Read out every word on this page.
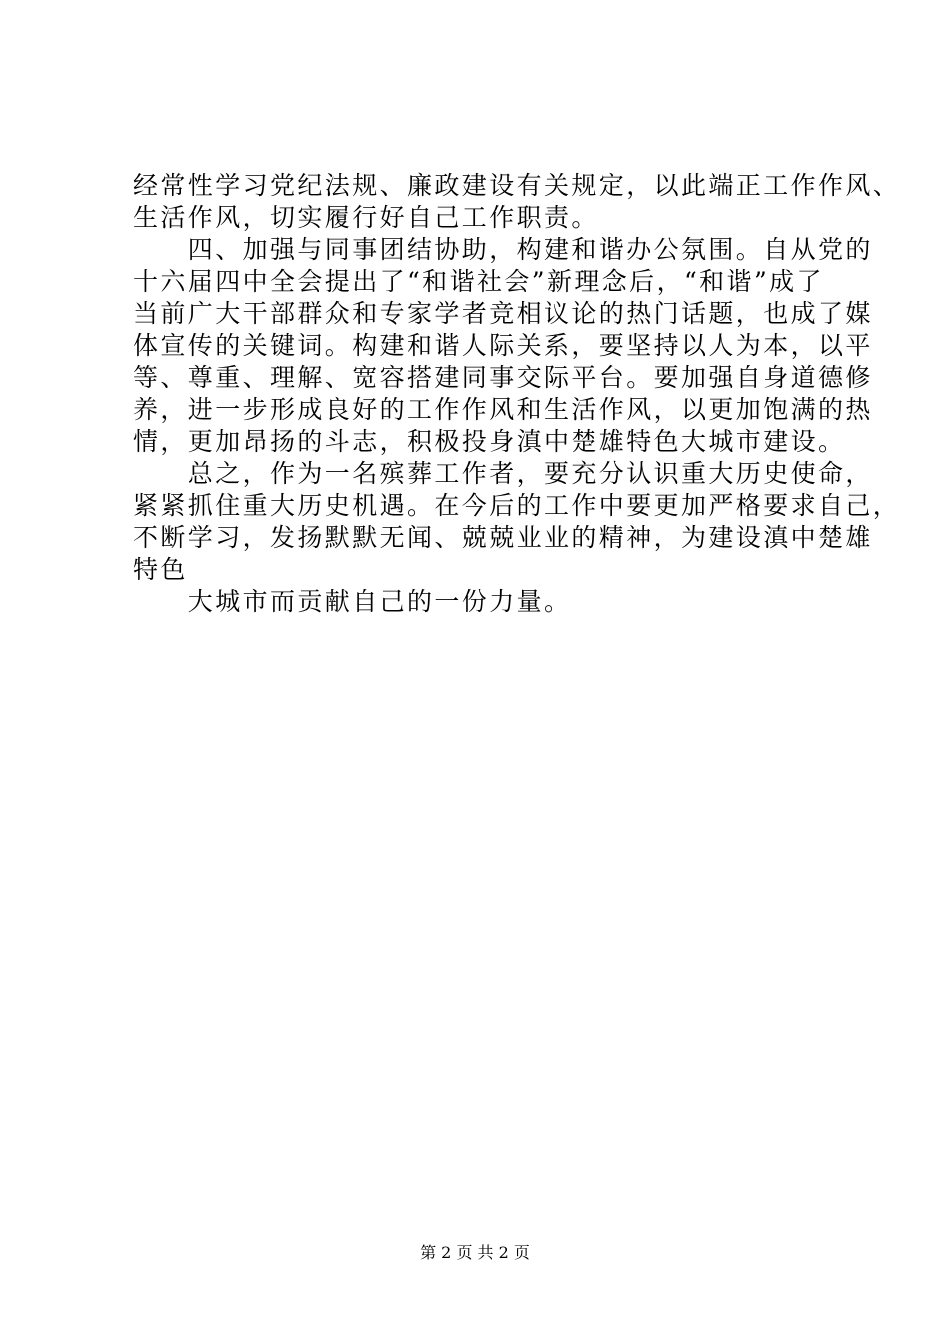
经常性学习党纪法规、廉政建设有关规定，以此端正工作作风、
生活作风，切实履行好自己工作职责。
　　四、加强与同事团结协助，构建和谐办公氛围。自从党的
十六届四中全会提出了“和谐社会”新理念后，“和谐”成了
当前广大干部群众和专家学者竞相议论的热门话题，也成了媒
体宣传的关键词。构建和谐人际关系，要坚持以人为本，以平
等、尊重、理解、宽容搭建同事交际平台。要加强自身道德修
养，进一步形成良好的工作作风和生活作风，以更加饱满的热
情，更加昂扬的斗志，积极投身滇中楚雄特色大城市建设。
　　总之，作为一名殡葬工作者，要充分认识重大历史使命，
紧紧抓住重大历史机遇。在今后的工作中要更加严格要求自己，
不断学习，发扬默默无闻、兢兢业业的精神，为建设滇中楚雄
特色
　　大城市而贡献自己的一份力量。
第 2 页 共 2 页
